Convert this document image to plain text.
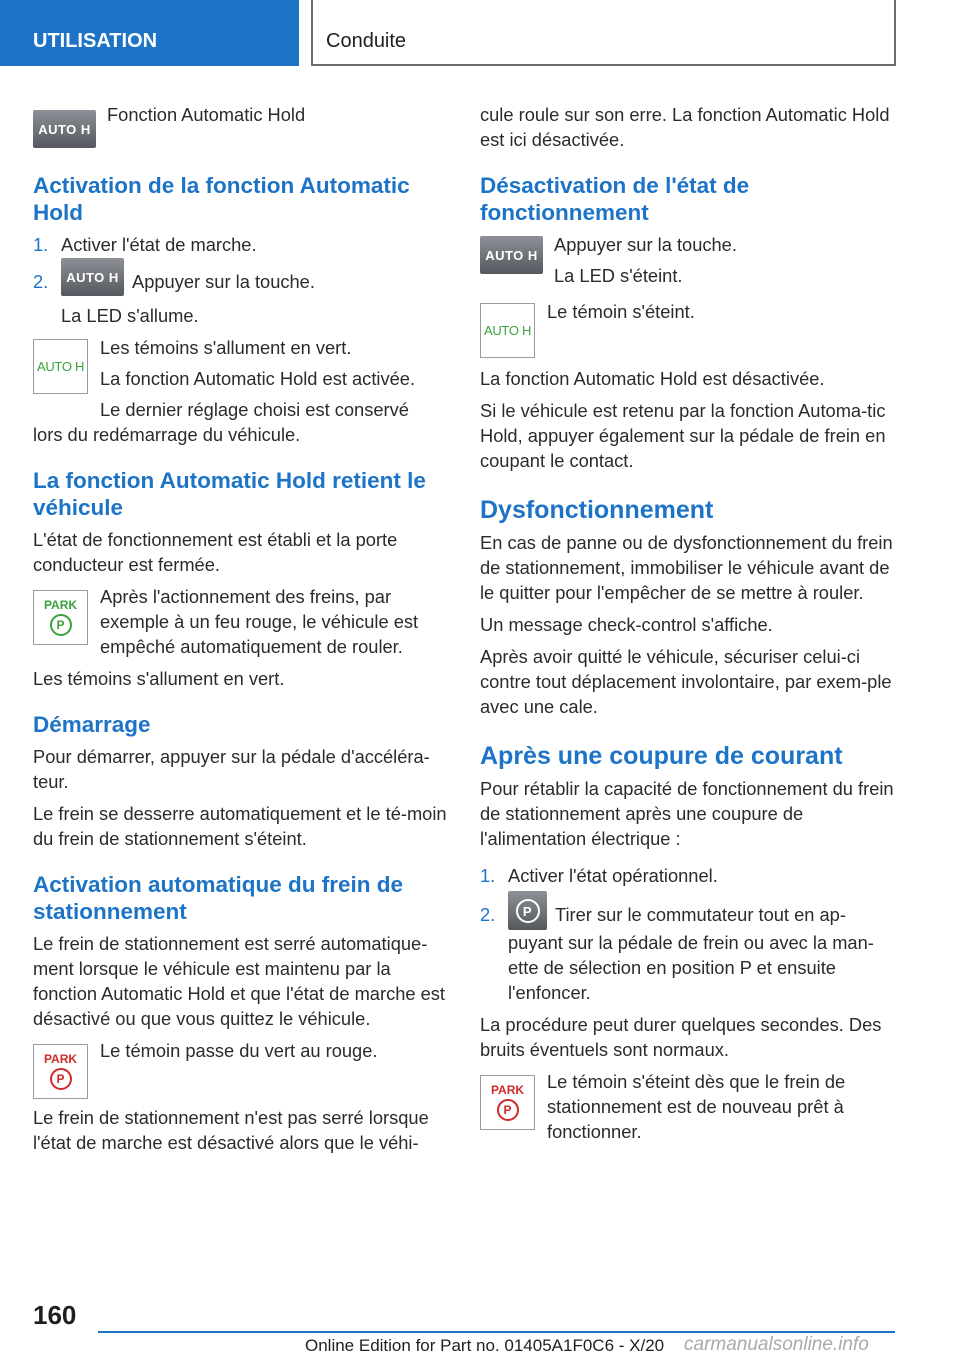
UTILISATION	Conduite
AUTO H

Fonction Automatic Hold

Activation de la fonction Automatic Hold
1. Activer l'état de marche.
2.	AUTO H Appuyer sur la touche.

La LED s'allume.

AUTO H

Les témoins s'allument en vert.

La fonction Automatic Hold est activée.

Le dernier réglage choisi est conservé

lors du redémarrage du véhicule.

La fonction Automatic Hold retient le véhicule

L'état de fonctionnement est établi et la porte conducteur est fermée.

PARK
P

Après l'actionnement des freins, par exemple à un feu rouge, le véhicule est empêché automatiquement de rouler.

Les témoins s'allument en vert.

Démarrage

Pour démarrer, appuyer sur la pédale d'accéléra-teur.

Le frein se desserre automatiquement et le té-moin du frein de stationnement s'éteint.

Activation automatique du frein de stationnement

Le frein de stationnement est serré automatique-ment lorsque le véhicule est maintenu par la fonction Automatic Hold et que l'état de marche est désactivé ou que vous quittez le véhicule.

PARK
P

Le témoin passe du vert au rouge.

Le frein de stationnement n'est pas serré lorsque l'état de marche est désactivé alors que le véhi-

cule roule sur son erre. La fonction Automatic Hold est ici désactivée.

Désactivation de l'état de fonctionnement
AUTO H Appuyer sur la touche.

La LED s'éteint.

AUTO H

Le témoin s'éteint.

La fonction Automatic Hold est désactivée.

Si le véhicule est retenu par la fonction Automa-tic Hold, appuyer également sur la pédale de frein en coupant le contact.

Dysfonctionnement

En cas de panne ou de dysfonctionnement du frein de stationnement, immobiliser le véhicule avant de le quitter pour l'empêcher de se mettre à rouler.

Un message check-control s'affiche.

Après avoir quitté le véhicule, sécuriser celui-ci contre tout déplacement involontaire, par exem-ple avec une cale.

Après une coupure de courant

Pour rétablir la capacité de fonctionnement du frein de stationnement après une coupure de l'alimentation électrique :

1. Activer l'état opérationnel.
2.	P	Tirer sur le commutateur tout en ap-puyant sur la pédale de frein ou avec la man-ette de sélection en position P et ensuite l'enfoncer.

La procédure peut durer quelques secondes. Des bruits éventuels sont normaux.

PARK
P

Le témoin s'éteint dès que le frein de stationnement est de nouveau prêt à fonctionner.

160
Online Edition for Part no. 01405A1F0C6 - X/20 carmanualsonline.info
